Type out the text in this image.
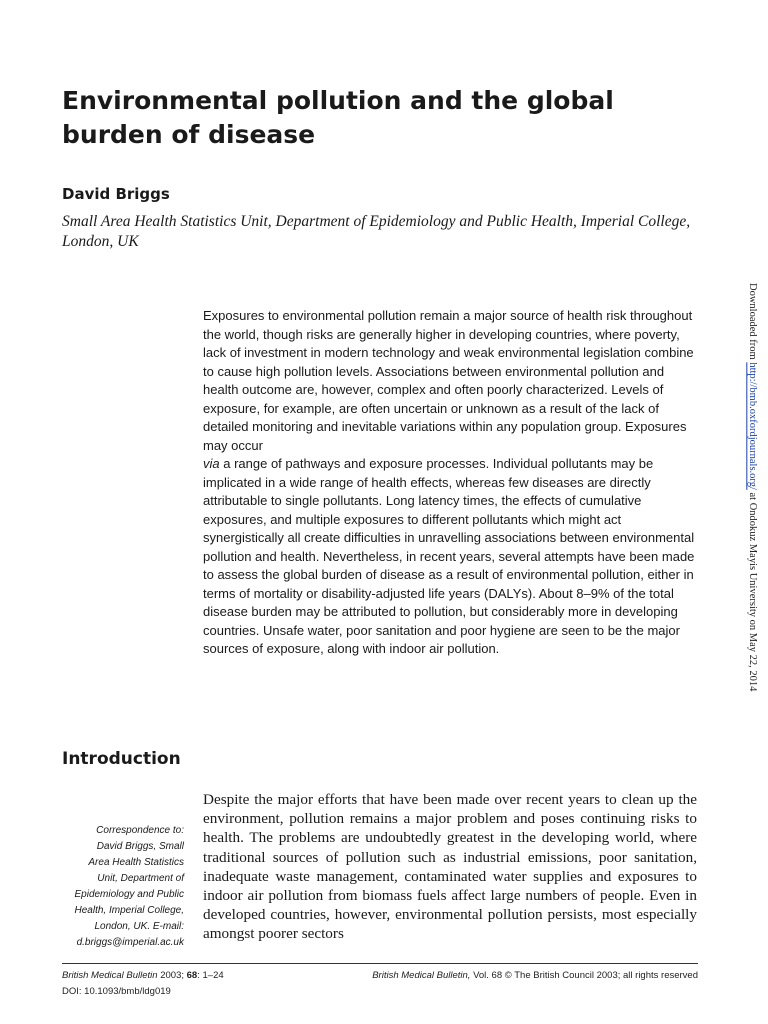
Environmental pollution and the global burden of disease

David Briggs

Small Area Health Statistics Unit, Department of Epidemiology and Public Health, Imperial College, London, UK

Exposures to environmental pollution remain a major source of health risk throughout the world, though risks are generally higher in developing countries, where poverty, lack of investment in modern technology and weak environmental legislation combine to cause high pollution levels. Associations between environmental pollution and health outcome are, however, complex and often poorly characterized. Levels of exposure, for example, are often uncertain or unknown as a result of the lack of detailed monitoring and inevitable variations within any population group. Exposures may occur
via a range of pathways and exposure processes. Individual pollutants may be implicated in a wide range of health effects, whereas few diseases are directly attributable to single pollutants. Long latency times, the effects of cumulative exposures, and multiple exposures to different pollutants which might act synergistically all create difficulties in unravelling associations between environmental pollution and health. Nevertheless, in recent years, several attempts have been made to assess the global burden of disease as a result of environmental pollution, either in terms of mortality or disability-adjusted life years (DALYs). About 8–9% of the total disease burden may be attributed to pollution, but considerably more in developing countries. Unsafe water, poor sanitation and poor hygiene are seen to be the major sources of exposure, along with indoor air pollution.

Introduction

Despite the major efforts that have been made over recent years to clean up the environment, pollution remains a major problem and poses continuing risks to health. The problems are undoubtedly greatest in the developing world, where traditional sources of pollution such as industrial emissions, poor sanitation, inadequate waste management, contaminated water supplies and exposures to indoor air pollution from biomass fuels affect large numbers of people. Even in developed countries, however, environmental pollution persists, most especially amongst poorer sectors

Correspondence to:
David Briggs, Small
Area Health Statistics
Unit, Department of
Epidemiology and Public
Health, Imperial College,
London, UK. E-mail:
d.briggs@imperial.ac.uk
British Medical Bulletin 2003; 68: 1–24
DOI: 10.1093/bmb/ldg019
British Medical Bulletin, Vol. 68 © The British Council 2003; all rights reserved
Downloaded from http://bmb.oxfordjournals.org/ at Ondokuz Mayis University on May 22, 2014
